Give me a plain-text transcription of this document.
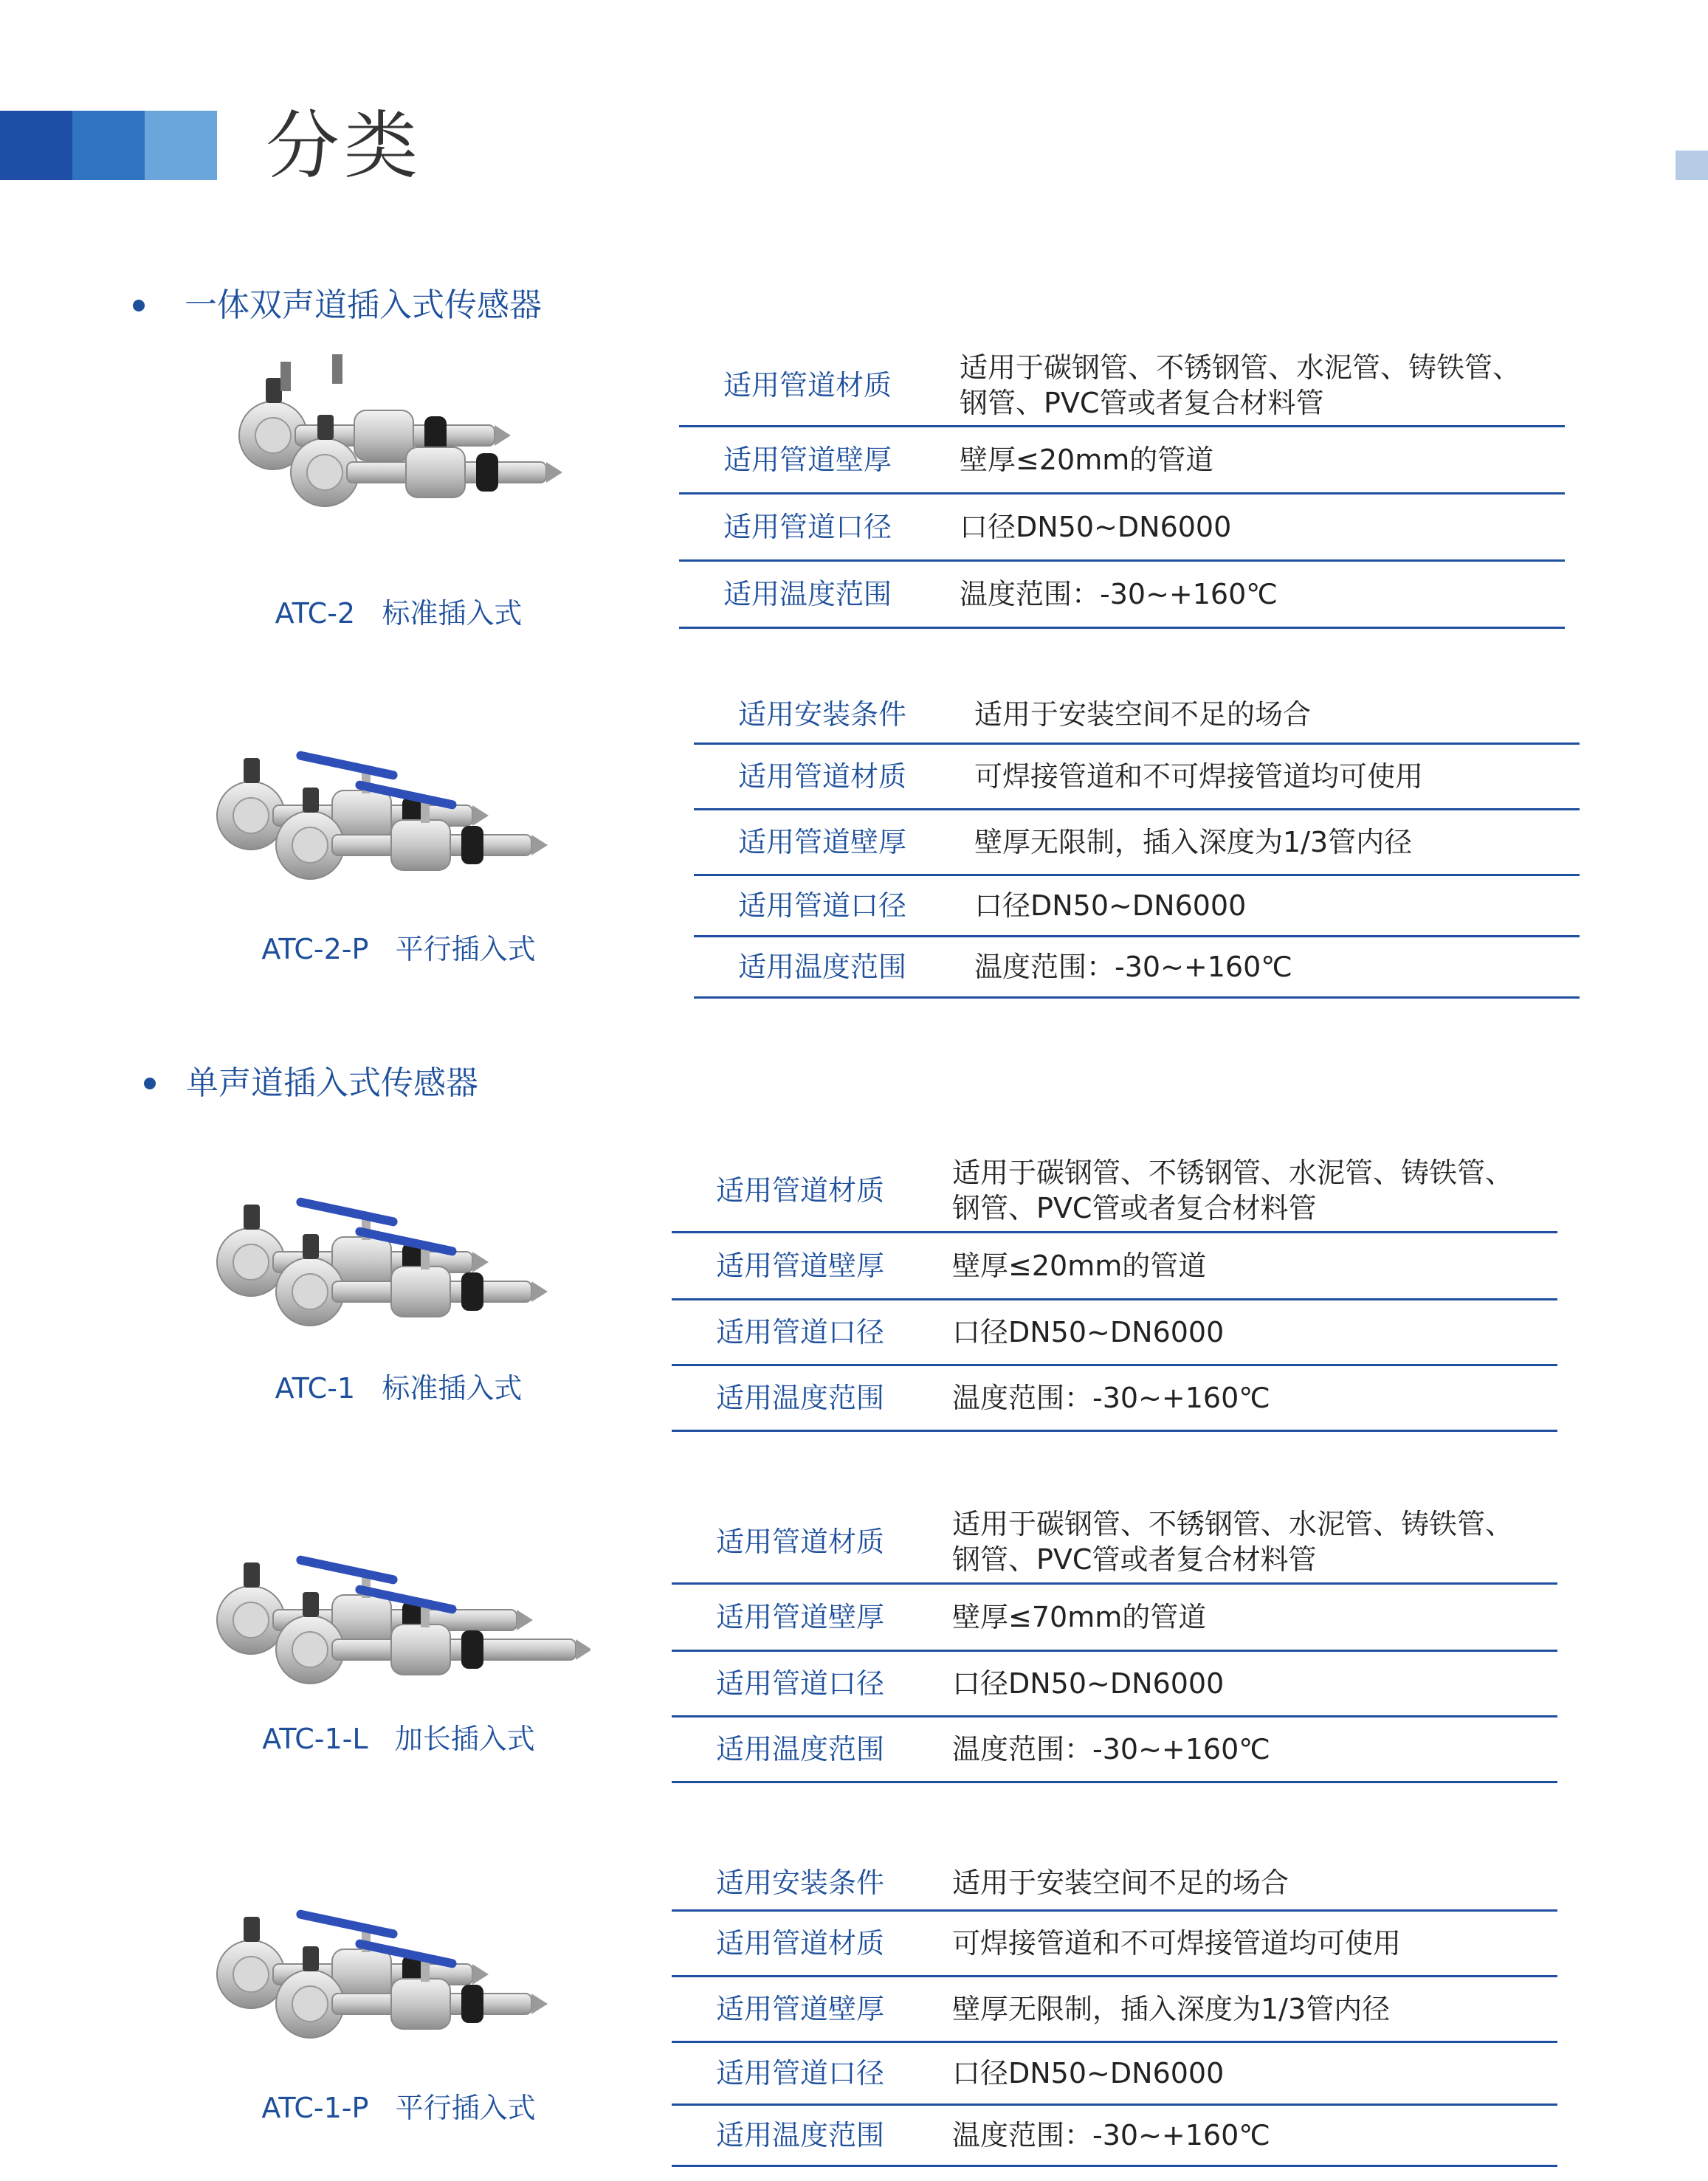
分类
一体双声道插入式传感器
ATC-2 标准插入式
适用管道材质
适用于碳钢管、不锈钢管、水泥管、铸铁管、
钢管、PVC管或者复合材料管
适用管道壁厚 壁厚≤20mm的管道
适用管道口径 口径DN50~DN6000
适用温度范围 温度范围：-30~+160℃
ATC-2-P 平行插入式
适用安装条件 适用于安装空间不足的场合
适用管道材质 可焊接管道和不可焊接管道均可使用
适用管道壁厚 壁厚无限制，插入深度为1/3管内径
适用管道口径 口径DN50~DN6000
适用温度范围 温度范围：-30~+160℃
单声道插入式传感器
ATC-1 标准插入式
适用管道材质
适用于碳钢管、不锈钢管、水泥管、铸铁管、
钢管、PVC管或者复合材料管
适用管道壁厚 壁厚≤20mm的管道
适用管道口径 口径DN50~DN6000
适用温度范围 温度范围：-30~+160℃
ATC-1-L 加长插入式
适用管道材质
适用于碳钢管、不锈钢管、水泥管、铸铁管、
钢管、PVC管或者复合材料管
适用管道壁厚 壁厚≤70mm的管道
适用管道口径 口径DN50~DN6000
适用温度范围 温度范围：-30~+160℃
ATC-1-P 平行插入式
适用安装条件 适用于安装空间不足的场合
适用管道材质 可焊接管道和不可焊接管道均可使用
适用管道壁厚 壁厚无限制，插入深度为1/3管内径
适用管道口径 口径DN50~DN6000
适用温度范围 温度范围：-30~+160℃
